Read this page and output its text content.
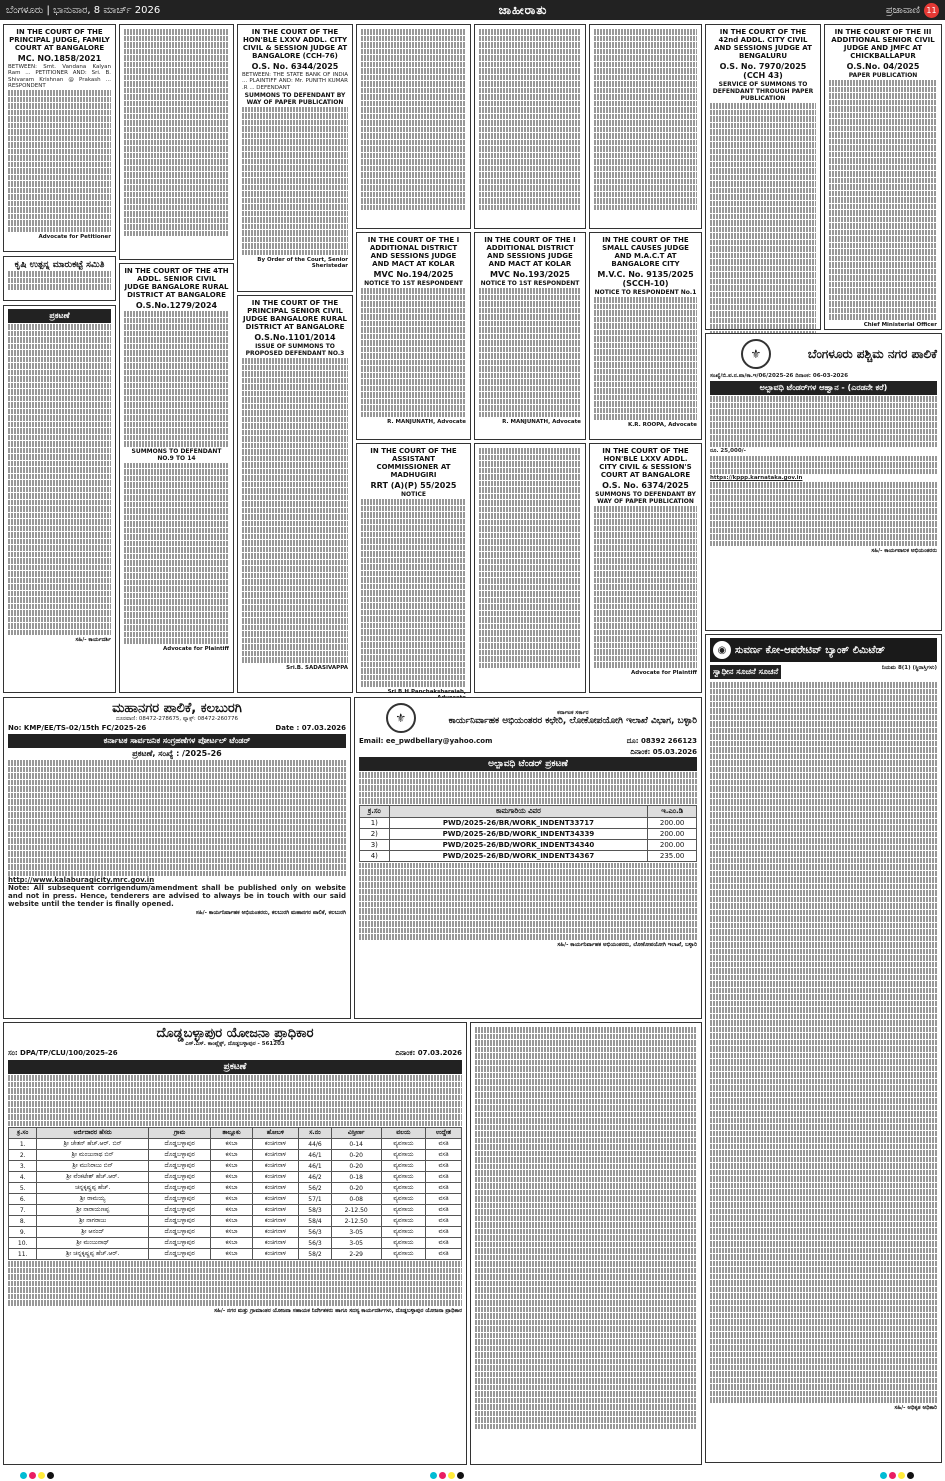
ಬೆಂಗಳೂರು | ಭಾನುವಾರ, 8 ಮಾರ್ಚ್ 2026	ಜಾಹೀರಾತು	ಪ್ರಜಾವಾಣಿ 11
IN THE COURT OF THE PRINCIPAL JUDGE, FAMILY COURT AT BANGALORE
MC. NO.1858/2021
BETWEEN: Smt. Vandana Kalyan Ram ... PETITIONER AND: Sri. B. Shivaram Krishnan @ Prakash ... RESPONDENT
Advocate for Petitioner
ಕೃಷಿ ಉತ್ಪನ್ನ ಮಾರುಕಟ್ಟೆ ಸಮಿತಿ
ಪ್ರಕಟಣೆ
ಸಹಿ/- ಕಾರ್ಯದರ್ಶಿ
IN THE COURT OF THE 4TH ADDL. SENIOR CIVIL JUDGE BANGALORE RURAL DISTRICT AT BANGALORE
O.S.No.1279/2024
SUMMONS TO DEFENDANT NO.9 TO 14
Advocate for Plaintiff
IN THE COURT OF THE HON'BLE LXXV ADDL. CITY CIVIL & SESSION JUDGE AT BANGALORE (CCH-76)
O.S. No. 6344/2025
BETWEEN: THE STATE BANK OF INDIA ... PLAINTIFF AND: Mr. PUNITH KUMAR .R ... DEFENDANT
SUMMONS TO DEFENDANT BY WAY OF PAPER PUBLICATION
By Order of the Court, Senior Sheristedar
IN THE COURT OF THE PRINCIPAL SENIOR CIVIL JUDGE BANGALORE RURAL DISTRICT AT BANGALORE
O.S.No.1101/2014
ISSUE OF SUMMONS TO PROPOSED DEFENDANT NO.3
Sri.B. SADASIVAPPA
IN THE COURT OF THE I ADDITIONAL DISTRICT AND SESSIONS JUDGE AND MACT AT KOLAR
MVC No.194/2025
NOTICE TO 1ST RESPONDENT
R. MANJUNATH, Advocate
IN THE COURT OF THE I ADDITIONAL DISTRICT AND SESSIONS JUDGE AND MACT AT KOLAR
MVC No.193/2025
NOTICE TO 1ST RESPONDENT
R. MANJUNATH, Advocate
IN THE COURT OF THE SMALL CAUSES JUDGE AND M.A.C.T AT BANGALORE CITY
M.V.C. No. 9135/2025 (SCCH-10)
NOTICE TO RESPONDENT No.1
K.R. ROOPA, Advocate
IN THE COURT OF THE ASSISTANT COMMISSIONER AT MADHUGIRI
RRT (A)(P) 55/2025
NOTICE
Sri B.H.Panchaksharaiah,
IN THE COURT OF THE HON'BLE LXXV ADDL. CITY CIVIL & SESSION'S COURT AT BANGALORE
O.S. No. 6374/2025
SUMMONS TO DEFENDANT BY WAY OF PAPER PUBLICATION
Advocate for Plaintiff
IN THE COURT OF THE 42nd ADDL. CITY CIVIL AND SESSIONS JUDGE AT BENGALURU
O.S. No. 7970/2025 (CCH 43)
SERVICE OF SUMMONS TO DEFENDANT THROUGH PAPER PUBLICATION
IN THE COURT OF THE III ADDITIONAL SENIOR CIVIL JUDGE AND JMFC AT CHICKBALLAPUR
O.S.No. 04/2025
PAPER PUBLICATION
Chief Ministerial Officer
⚜	ಬೆಂಗಳೂರು ಪಶ್ಚಿಮ ನಗರ ಪಾಲಿಕೆ
ಸಂಖ್ಯೆ/ಬಿ.ಪ.ನ.ಪಾ/ಕಾ.ಇ/06/2025-26 ದಿನಾಂಕ: 06-03-2026
ಅಲ್ಪಾವಧಿ ಟೆಂಡರ್‌ಗಳ ಆಹ್ವಾನ - (ಎರಡನೇ ಕರೆ)
ರೂ. 25,000/-
https://kppp.karnataka.gov.in
ಸಹಿ/- ಕಾರ್ಯಪಾಲಕ ಅಭಿಯಂತರರು
◉ ಸುವರ್ಣ ಕೋ-ಆಪರೇಟಿವ್ ಬ್ಯಾಂಕ್ ಲಿಮಿಟೆಡ್
ಸ್ವಾಧೀನ ಸೂಚನೆ ಸೂಚನೆ	ನಿಯಮ 8(1) (ಸ್ಥಿರಾಸ್ತಿಗಳು)
ಸಹಿ/- ಅಧಿಕೃತ ಅಧಿಕಾರಿ
ಮಹಾನಗರ ಪಾಲಿಕೆ, ಕಲಬುರಗಿ
ದೂರವಾಣಿ: 08472-278675, ಫ್ಯಾಕ್ಸ್: 08472-260776
No: KMP/EE/TS-02/15th FC/2025-26	Date : 07.03.2026
ಕರ್ನಾಟಕ ಸಾರ್ವಜನಿಕ ಸಂಗ್ರಹಣೆಗಳ ಪೋರ್ಟಲ್ ಟೆಂಡರ್
ಪ್ರಕಟಣೆ, ಸಂಖ್ಯೆ : /2025-26
http://www.kalaburagicity.mrc.gov.in
Note: All subsequent corrigendum/amendment shall be published only on website and not in press. Hence, tenderers are advised to always be in touch with our said website until the tender is finally opened.
ಸಹಿ/- ಕಾರ್ಯನಿರ್ವಾಹಕ ಅಭಿಯಂತರರು, ಕಲಬುರಗಿ ಮಹಾನಗರ ಪಾಲಿಕೆ, ಕಲಬುರಗಿ
⚜	ಕರ್ನಾಟಕ ಸರ್ಕಾರ
ಕಾರ್ಯನಿರ್ವಾಹಕ ಅಭಿಯಂತರರ ಕಛೇರಿ, ಲೋಕೋಪಯೋಗಿ ಇಲಾಖೆ ವಿಭಾಗ, ಬಳ್ಳಾರಿ
Email: ee_pwdbellary@yahoo.com	ದೂ: 08392 266123
ದಿನಾಂಕ: 05.03.2026
ಅಲ್ಪಾವಧಿ ಟೆಂಡರ್ ಪ್ರಕಟಣೆ
ಕ್ರ.ಸಂ	ಕಾಮಗಾರಿಯ ವಿವರ	ಇ.ಎಂ.ಡಿ
1)	PWD/2025-26/BR/WORK_INDENT33717	200.00
2)	PWD/2025-26/BD/WORK_INDENT34339	200.00
3)	PWD/2025-26/BD/WORK_INDENT34340	200.00
4)	PWD/2025-26/BD/WORK_INDENT34367	235.00
ಸಹಿ/- ಕಾರ್ಯನಿರ್ವಾಹಕ ಅಭಿಯಂತರರು, ಲೋಕೋಪಯೋಗಿ ಇಲಾಖೆ, ಬಳ್ಳಾರಿ
ದೊಡ್ಡಬಳ್ಳಾಪುರ ಯೋಜನಾ ಪ್ರಾಧಿಕಾರ
ಎಸ್.ಎಸ್. ಕಾಂಪ್ಲೆಕ್ಸ್, ದೊಡ್ಡಬಳ್ಳಾಪುರ - 561203
ಸಂ: DPA/TP/CLU/100/2025-26	ದಿನಾಂಕ: 07.03.2026
ಪ್ರಕಟಣೆ
ಕ್ರ.ಸಂ	ಅರ್ಜಿದಾರರ ಹೆಸರು	ಗ್ರಾಮ	ತಾಲ್ಲೂಕು	ಹೋಬಳಿ	ಸ.ನಂ	ವಿಸ್ತೀರ್ಣ	ವಲಯ	ಉದ್ದೇಶ
1.	ಶ್ರೀ ಚೇತನ್ ಹೆಚ್.ಆರ್. ಬಿನ್	ದೊಡ್ಡಬಳ್ಳಾಪುರ	ಕಸಬಾ	ಕಂಚಿಗನಾಳ	44/6	0-14	ವ್ಯವಸಾಯ	ವಸತಿ
2.	ಶ್ರೀ ಮಂಜುನಾಥ ಬಿನ್	ದೊಡ್ಡಬಳ್ಳಾಪುರ	ಕಸಬಾ	ಕಂಚಿಗನಾಳ	46/1	0-20	ವ್ಯವಸಾಯ	ವಸತಿ
3.	ಶ್ರೀ ಮುನಿರಾಜು ಬಿನ್	ದೊಡ್ಡಬಳ್ಳಾಪುರ	ಕಸಬಾ	ಕಂಚಿಗನಾಳ	46/1	0-20	ವ್ಯವಸಾಯ	ವಸತಿ
4.	ಶ್ರೀ ವೆಂಕಟೇಶ್ ಹೆಚ್.ಆರ್.	ದೊಡ್ಡಬಳ್ಳಾಪುರ	ಕಸಬಾ	ಕಂಚಿಗನಾಳ	46/2	0-18	ವ್ಯವಸಾಯ	ವಸತಿ
5.	ಚನ್ನಕೃಷ್ಣಪ್ಪ ಹೆಚ್.	ದೊಡ್ಡಬಳ್ಳಾಪುರ	ಕಸಬಾ	ಕಂಚಿಗನಾಳ	56/2	0-20	ವ್ಯವಸಾಯ	ವಸತಿ
6.	ಶ್ರೀ ರಾಮಯ್ಯ	ದೊಡ್ಡಬಳ್ಳಾಪುರ	ಕಸಬಾ	ಕಂಚಿಗನಾಳ	57/1	0-08	ವ್ಯವಸಾಯ	ವಸತಿ
7.	ಶ್ರೀ ನಾರಾಯಣಪ್ಪ	ದೊಡ್ಡಬಳ್ಳಾಪುರ	ಕಸಬಾ	ಕಂಚಿಗನಾಳ	58/3	2-12.50	ವ್ಯವಸಾಯ	ವಸತಿ
8.	ಶ್ರೀ ನಾಗರಾಜು	ದೊಡ್ಡಬಳ್ಳಾಪುರ	ಕಸಬಾ	ಕಂಚಿಗನಾಳ	58/4	2-12.50	ವ್ಯವಸಾಯ	ವಸತಿ
9.	ಶ್ರೀ ಆನಂದ್	ದೊಡ್ಡಬಳ್ಳಾಪುರ	ಕಸಬಾ	ಕಂಚಿಗನಾಳ	56/3	3-05	ವ್ಯವಸಾಯ	ವಸತಿ
10.	ಶ್ರೀ ಮಂಜುನಾಥ್	ದೊಡ್ಡಬಳ್ಳಾಪುರ	ಕಸಬಾ	ಕಂಚಿಗನಾಳ	56/3	3-05	ವ್ಯವಸಾಯ	ವಸತಿ
11.	ಶ್ರೀ ಚನ್ನಕೃಷ್ಣಪ್ಪ ಹೆಚ್.ಆರ್.	ದೊಡ್ಡಬಳ್ಳಾಪುರ	ಕಸಬಾ	ಕಂಚಿಗನಾಳ	58/2	2-29	ವ್ಯವಸಾಯ	ವಸತಿ
ಸಹಿ/- ನಗರ ಮತ್ತು ಗ್ರಾಮಾಂತರ ಯೋಜನಾ ಸಹಾಯಕ ನಿರ್ದೇಶಕರು ಹಾಗೂ ಸದಸ್ಯ ಕಾರ್ಯದರ್ಶಿಗಳು, ದೊಡ್ಡಬಳ್ಳಾಪುರ ಯೋಜನಾ ಪ್ರಾಧಿಕಾರ
